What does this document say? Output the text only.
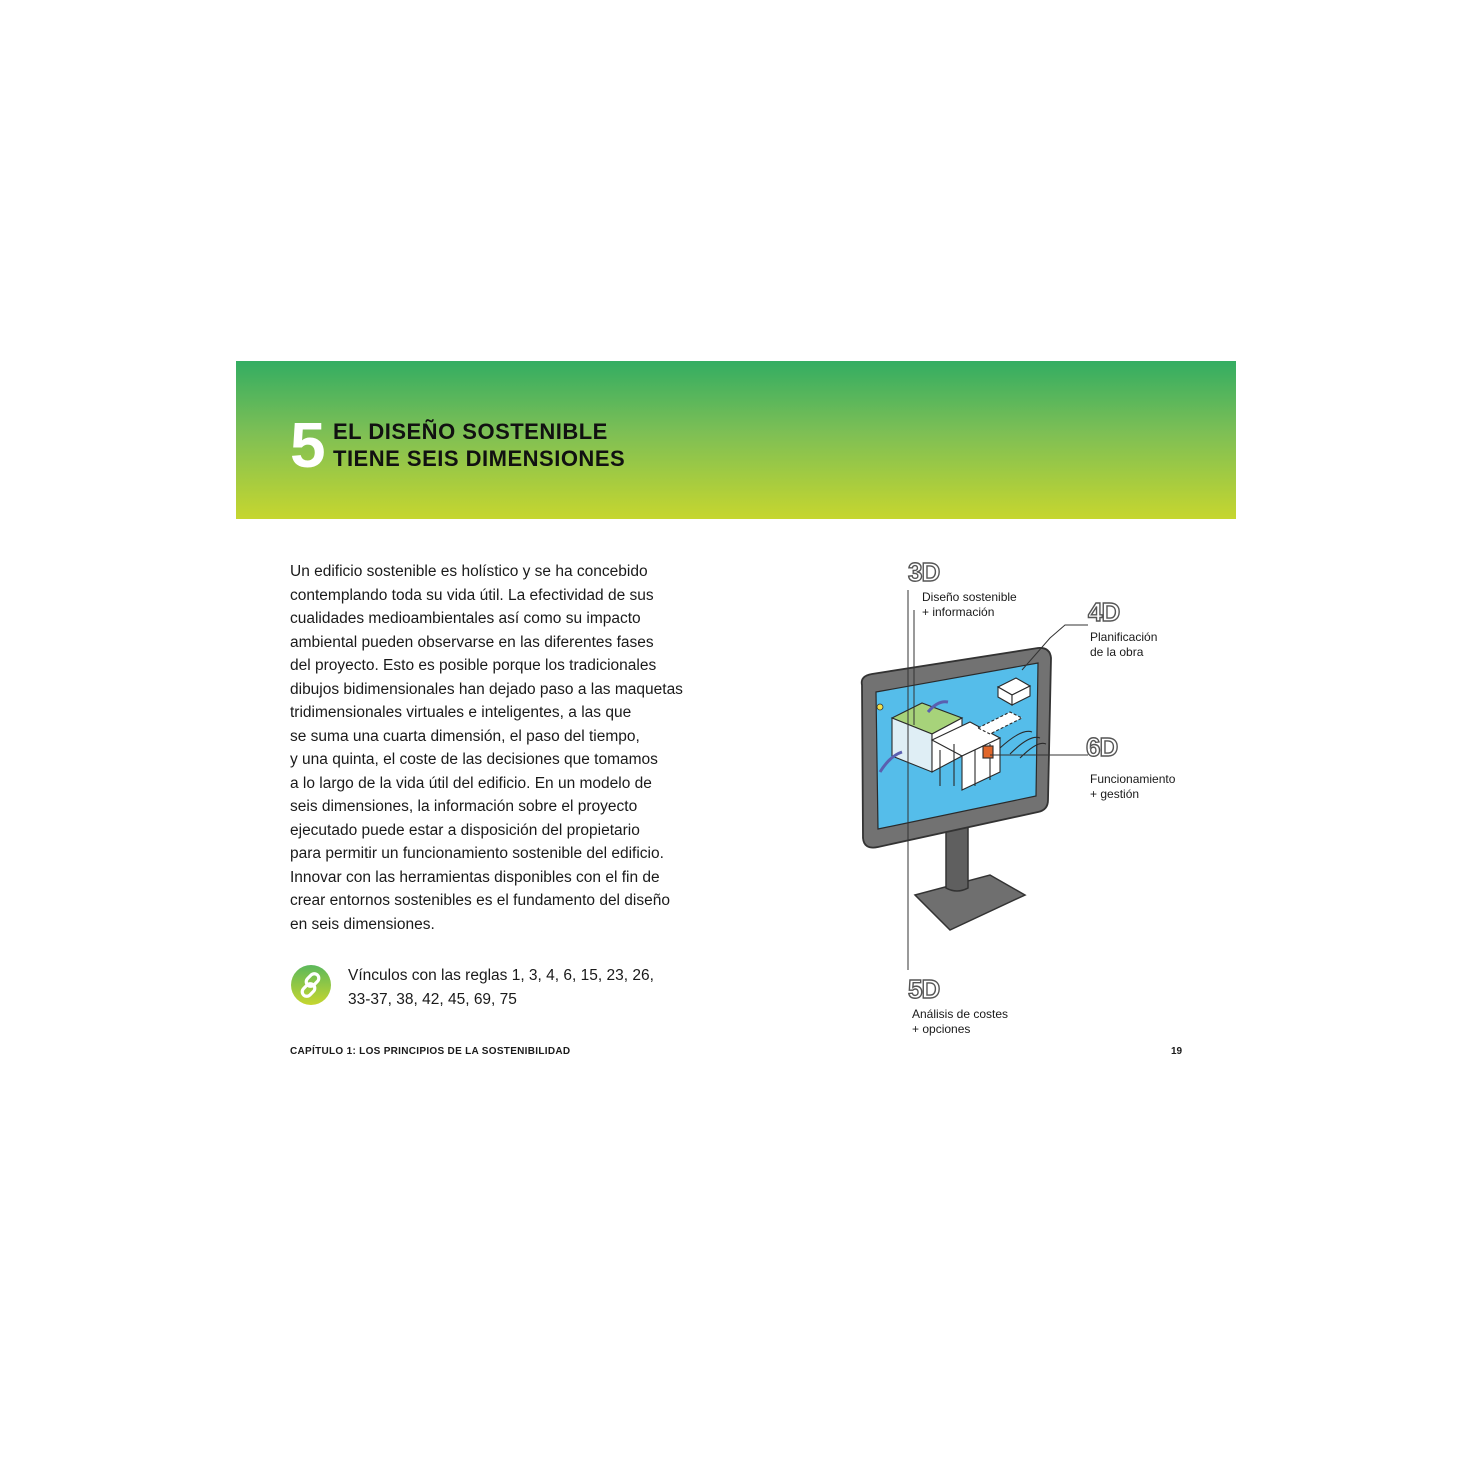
5 EL DISEÑO SOSTENIBLE
TIENE SEIS DIMENSIONES
Un edificio sostenible es holístico y se ha concebido
contemplando toda su vida útil. La efectividad de sus
cualidades medioambientales así como su impacto
ambiental pueden observarse en las diferentes fases
del proyecto. Esto es posible porque los tradicionales
dibujos bidimensionales han dejado paso a las maquetas
tridimensionales virtuales e inteligentes, a las que
se suma una cuarta dimensión, el paso del tiempo,
y una quinta, el coste de las decisiones que tomamos
a lo largo de la vida útil del edificio. En un modelo de
seis dimensiones, la información sobre el proyecto
ejecutado puede estar a disposición del propietario
para permitir un funcionamiento sostenible del edificio.
Innovar con las herramientas disponibles con el fin de
crear entornos sostenibles es el fundamento del diseño
en seis dimensiones.
Vínculos con las reglas 1, 3, 4, 6, 15, 23, 26,
33-37, 38, 42, 45, 69, 75
3D
Diseño sostenible
+ información	4D
Planificación
de la obra
6D
Funcionamiento
+ gestión
5D
Análisis de costes
+ opciones
CAPÍTULO 1: LOS PRINCIPIOS DE LA SOSTENIBILIDAD	19
